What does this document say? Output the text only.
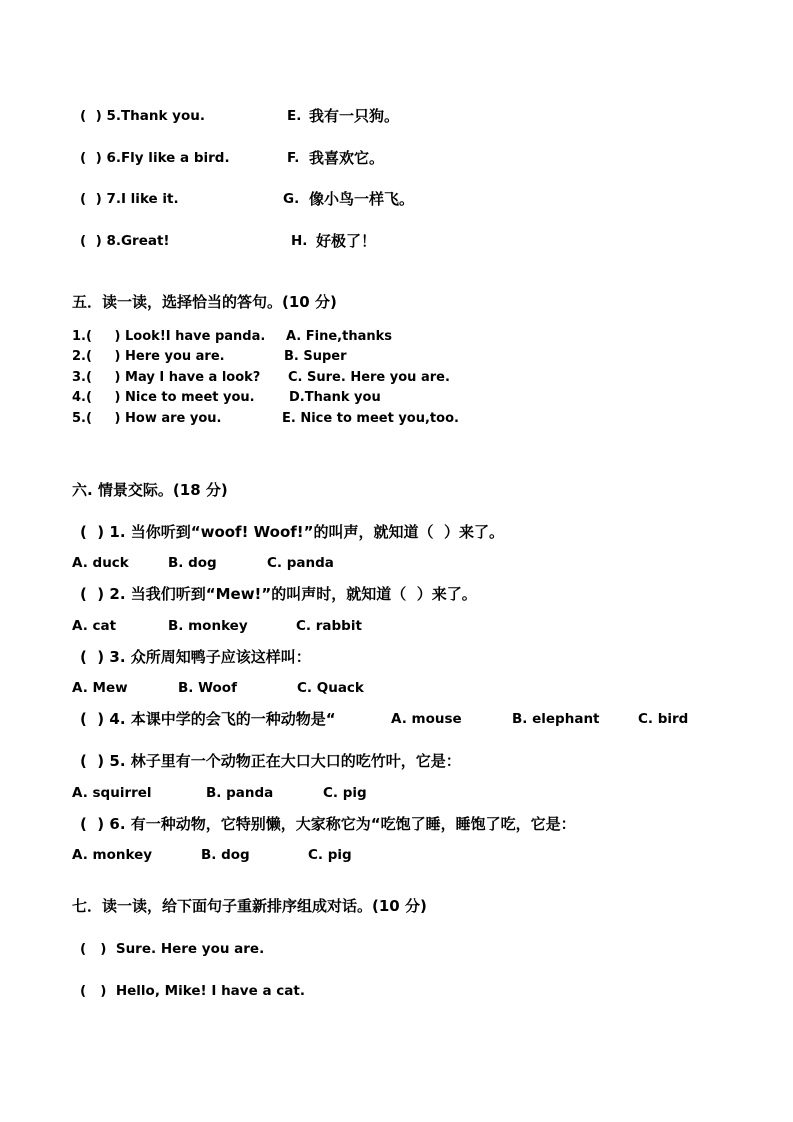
(  ) 5.Thank you.	E. 我有一只狗。
(  ) 6.Fly like a bird.	F. 我喜欢它。
(  ) 7.I like it.	G. 像小鸟一样飞。
(  ) 8.Great!	H. 好极了！
五．读一读，选择恰当的答句。(10 分)
1.(     ) Look!I have panda. A. Fine,thanks
2.(     ) Here you are.	B. Super
3.(     ) May I have a look? C. Sure. Here you are.
4.(     ) Nice to meet you.	D.Thank you
5.(     ) How are you.	E. Nice to meet you,too.
六. 情景交际。(18 分)
(  ) 1. 当你听到“woof! Woof!”的叫声，就知道（  ）来了。
A. duck	B. dog	C. panda
(  ) 2. 当我们听到“Mew!”的叫声时，就知道（  ）来了。
A. cat	B. monkey	C. rabbit
(  ) 3. 众所周知鸭子应该这样叫：
A. Mew	B. Woof	C. Quack
(  ) 4. 本课中学的会飞的一种动物是“	A. mouse	B. elephant	C. bird
(  ) 5. 林子里有一个动物正在大口大口的吃竹叶，它是：
A. squirrel	B. panda	C. pig
(  ) 6. 有一种动物，它特别懒，大家称它为“吃饱了睡，睡饱了吃，它是：
A. monkey	B. dog	C. pig
七．读一读，给下面句子重新排序组成对话。(10 分)
(   )  Sure. Here you are.
(   )  Hello, Mike! I have a cat.
